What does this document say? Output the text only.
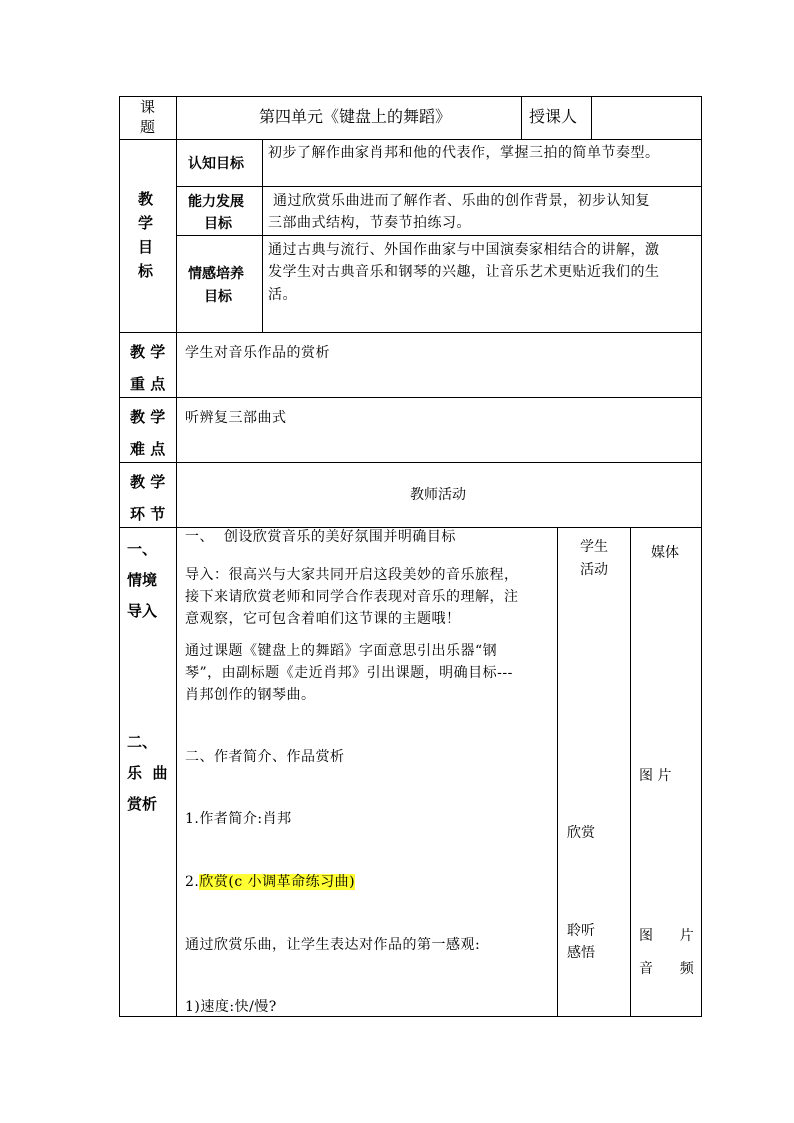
课
题
第四单元《键盘上的舞蹈》	授课人
教
学
目
标
认知目标
初步了解作曲家肖邦和他的代表作，掌握三拍的简单节奏型。
能力发展
目标
通过欣赏乐曲进而了解作者、乐曲的创作背景，初步认知复
三部曲式结构，节奏节拍练习。
情感培养
目标
通过古典与流行、外国作曲家与中国演奏家相结合的讲解，激
发学生对古典音乐和钢琴的兴趣，让音乐艺术更贴近我们的生
活。
教 学
重 点
学生对音乐作品的赏析
教 学
难 点
听辨复三部曲式
教 学
环 节
教师活动
一、
情境
导入
二、
乐  曲
赏析
一、  创设欣赏音乐的美好氛围并明确目标
导入：很高兴与大家共同开启这段美妙的音乐旅程，
接下来请欣赏老师和同学合作表现对音乐的理解，注
意观察，它可包含着咱们这节课的主题哦！
通过课题《键盘上的舞蹈》字面意思引出乐器“钢
琴”，由副标题《走近肖邦》引出课题，明确目标---
肖邦创作的钢琴曲。
二、作者简介、作品赏析
1.作者简介:肖邦
2.欣赏(c 小调革命练习曲)
通过欣赏乐曲，让学生表达对作品的第一感观:
1)速度:快/慢?
学生
活动
欣赏
聆听
感悟
媒体
图 片
图      片
音      频
